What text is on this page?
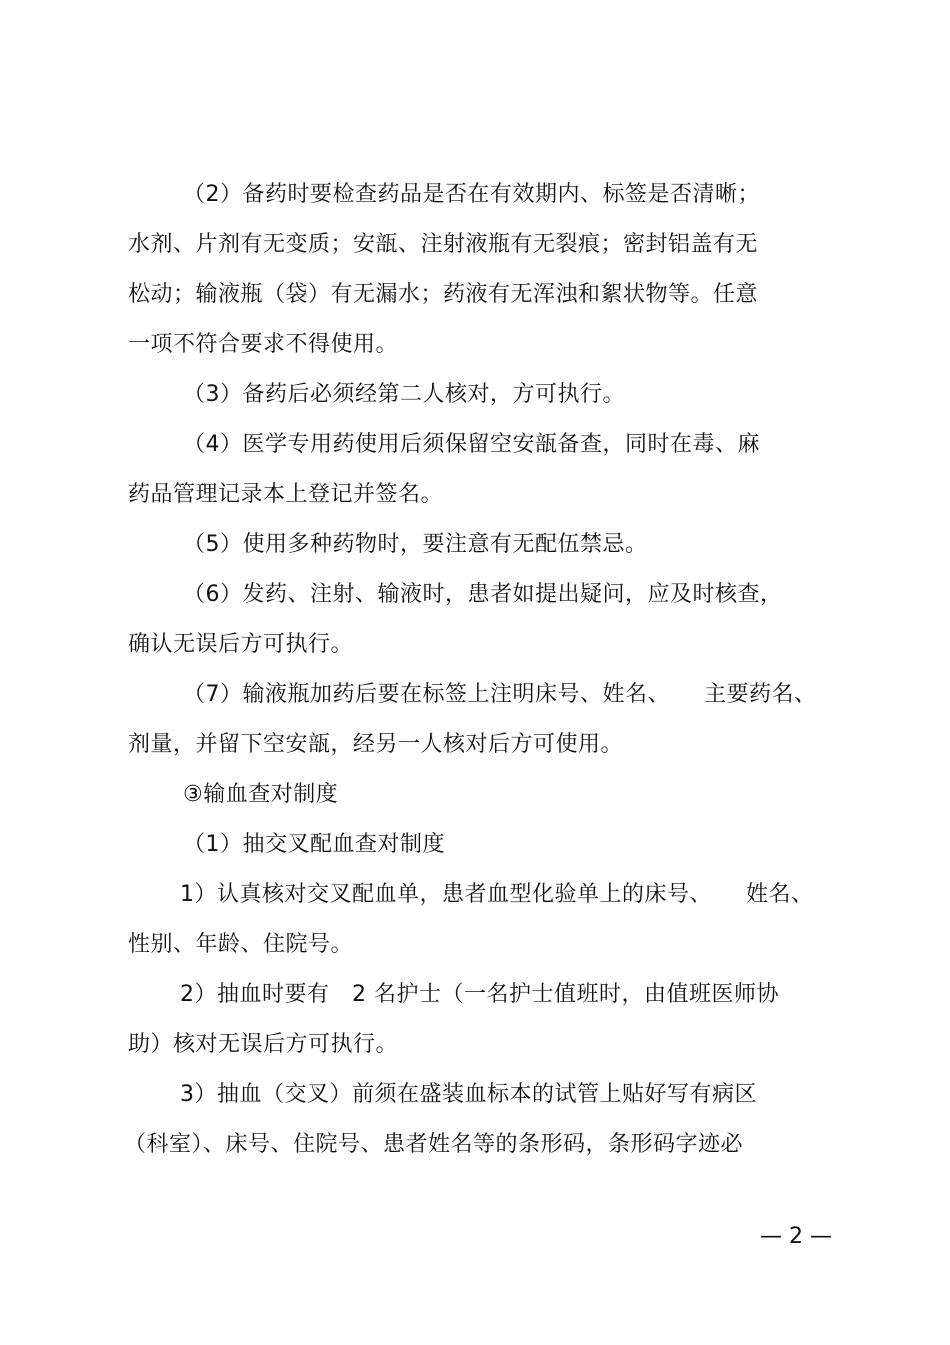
（2）备药时要检查药品是否在有效期内、标签是否清晰；
水剂、片剂有无变质；安瓿、注射液瓶有无裂痕；密封铝盖有无
松动；输液瓶（袋）有无漏水；药液有无浑浊和絮状物等。任意
一项不符合要求不得使用。
（3）备药后必须经第二人核对，方可执行。
（4）医学专用药使用后须保留空安瓿备查，同时在毒、麻
药品管理记录本上登记并签名。
（5）使用多种药物时，要注意有无配伍禁忌。
（6）发药、注射、输液时，患者如提出疑问，应及时核查，
确认无误后方可执行。
（7）输液瓶加药后要在标签上注明床号、姓名、　　主要药名、
剂量，并留下空安瓿，经另一人核对后方可使用。
③输血查对制度
（1）抽交叉配血查对制度
1）认真核对交叉配血单，患者血型化验单上的床号、　　姓名、
性别、年龄、住院号。
2）抽血时要有　2 名护士（一名护士值班时，由值班医师协
助）核对无误后方可执行。
3）抽血（交叉）前须在盛装血标本的试管上贴好写有病区
（科室）、床号、住院号、患者姓名等的条形码，条形码字迹必
— 2 —
